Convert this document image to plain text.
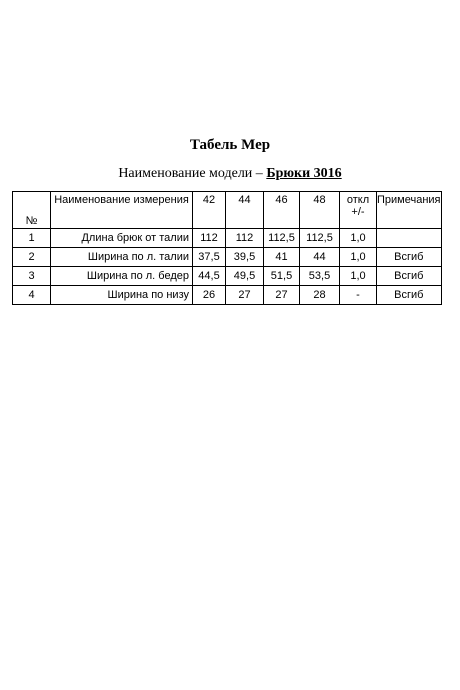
Табель Мер
Наименование модели – Брюки 3016
№	Наименование измерения	42	44	46	48	откл +/-	Примечания
1	Длина брюк от талии	112	112	112,5	112,5	1,0	
2	Ширина по л. талии	37,5	39,5	41	44	1,0	Всгиб
3	Ширина по л. бедер	44,5	49,5	51,5	53,5	1,0	Всгиб
4	Ширина по низу	26	27	27	28	-	Всгиб
